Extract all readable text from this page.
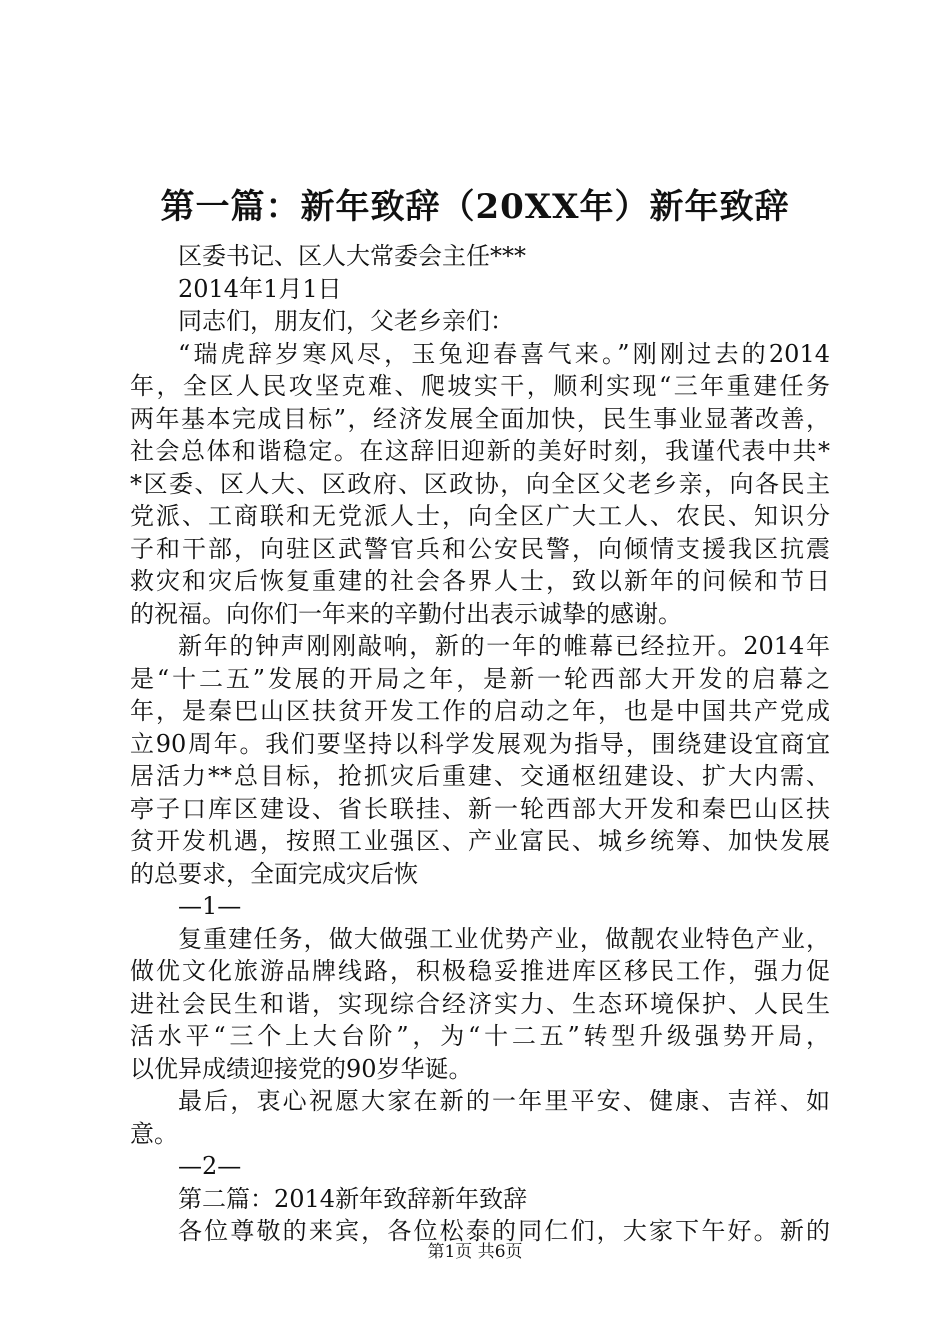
第一篇：新年致辞（20XX年）新年致辞
区委书记、区人大常委会主任***
2014年1月1日
同志们，朋友们，父老乡亲们：
“瑞虎辞岁寒风尽，玉兔迎春喜气来。”刚刚过去的2014
年，全区人民攻坚克难、爬坡实干，顺利实现“三年重建任务
两年基本完成目标”，经济发展全面加快，民生事业显著改善，
社会总体和谐稳定。在这辞旧迎新的美好时刻，我谨代表中共*
*区委、区人大、区政府、区政协，向全区父老乡亲，向各民主
党派、工商联和无党派人士，向全区广大工人、农民、知识分
子和干部，向驻区武警官兵和公安民警，向倾情支援我区抗震
救灾和灾后恢复重建的社会各界人士，致以新年的问候和节日
的祝福。向你们一年来的辛勤付出表示诚挚的感谢。
新年的钟声刚刚敲响，新的一年的帷幕已经拉开。2014年
是“十二五”发展的开局之年，是新一轮西部大开发的启幕之
年，是秦巴山区扶贫开发工作的启动之年，也是中国共产党成
立90周年。我们要坚持以科学发展观为指导，围绕建设宜商宜
居活力**总目标，抢抓灾后重建、交通枢纽建设、扩大内需、
亭子口库区建设、省长联挂、新一轮西部大开发和秦巴山区扶
贫开发机遇，按照工业强区、产业富民、城乡统筹、加快发展
的总要求，全面完成灾后恢
—1—
复重建任务，做大做强工业优势产业，做靓农业特色产业，
做优文化旅游品牌线路，积极稳妥推进库区移民工作，强力促
进社会民生和谐，实现综合经济实力、生态环境保护、人民生
活水平“三个上大台阶”，为“十二五”转型升级强势开局，
以优异成绩迎接党的90岁华诞。
最后，衷心祝愿大家在新的一年里平安、健康、吉祥、如
意。
—2—
第二篇：2014新年致辞新年致辞
各位尊敬的来宾，各位松泰的同仁们，大家下午好。新的
第1页 共6页
